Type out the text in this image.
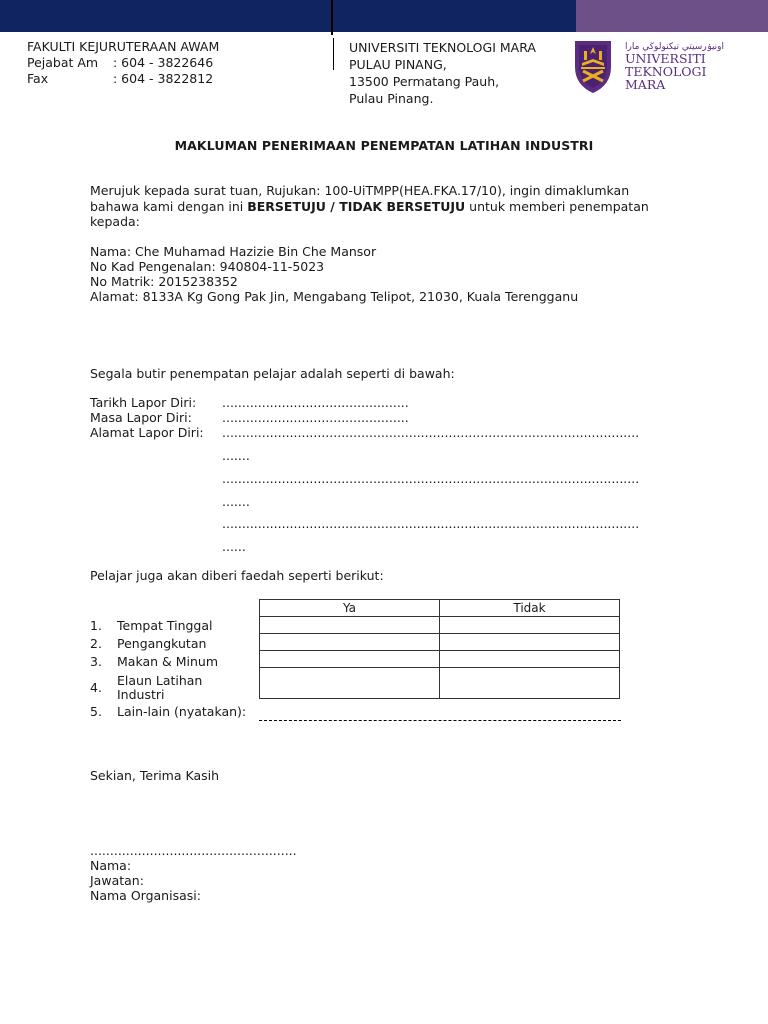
FAKULTI KEJURUTERAAN AWAM
Pejabat Am	: 604 - 3822646
Fax	: 604 - 3822812
UNIVERSITI TEKNOLOGI MARA
PULAU PINANG,
13500 Permatang Pauh,
Pulau Pinang.
اونيۏرسيتي تيكنولوڬي مارا
UNIVERSITI
TEKNOLOGI
MARA
MAKLUMAN PENERIMAAN PENEMPATAN LATIHAN INDUSTRI
Merujuk kepada surat tuan, Rujukan: 100-UiTMPP(HEA.FKA.17/10), ingin dimaklumkan bahawa kami dengan ini BERSETUJU / TIDAK BERSETUJU untuk memberi penempatan kepada:
Nama: Che Muhamad Hazizie Bin Che Mansor
No Kad Pengenalan: 940804-11-5023
No Matrik: 2015238352
Alamat: 8133A Kg Gong Pak Jin, Mengabang Telipot, 21030, Kuala Terengganu
Segala butir penempatan pelajar adalah seperti di bawah:
Tarikh Lapor Diri:	...............................................
Masa Lapor Diri:	...............................................
Alamat Lapor Diri:	.........................................................................................................
.......
.........................................................................................................
.......
.........................................................................................................
......
Pelajar juga akan diberi faedah seperti berikut:
Ya	Tidak

1.	Tempat Tinggal
2.	Pengangkutan
3.	Makan & Minum
4.	Elaun Latihan Industri
5.	Lain-lain (nyatakan):
Sekian, Terima Kasih
....................................................
Nama:
Jawatan:
Nama Organisasi:
